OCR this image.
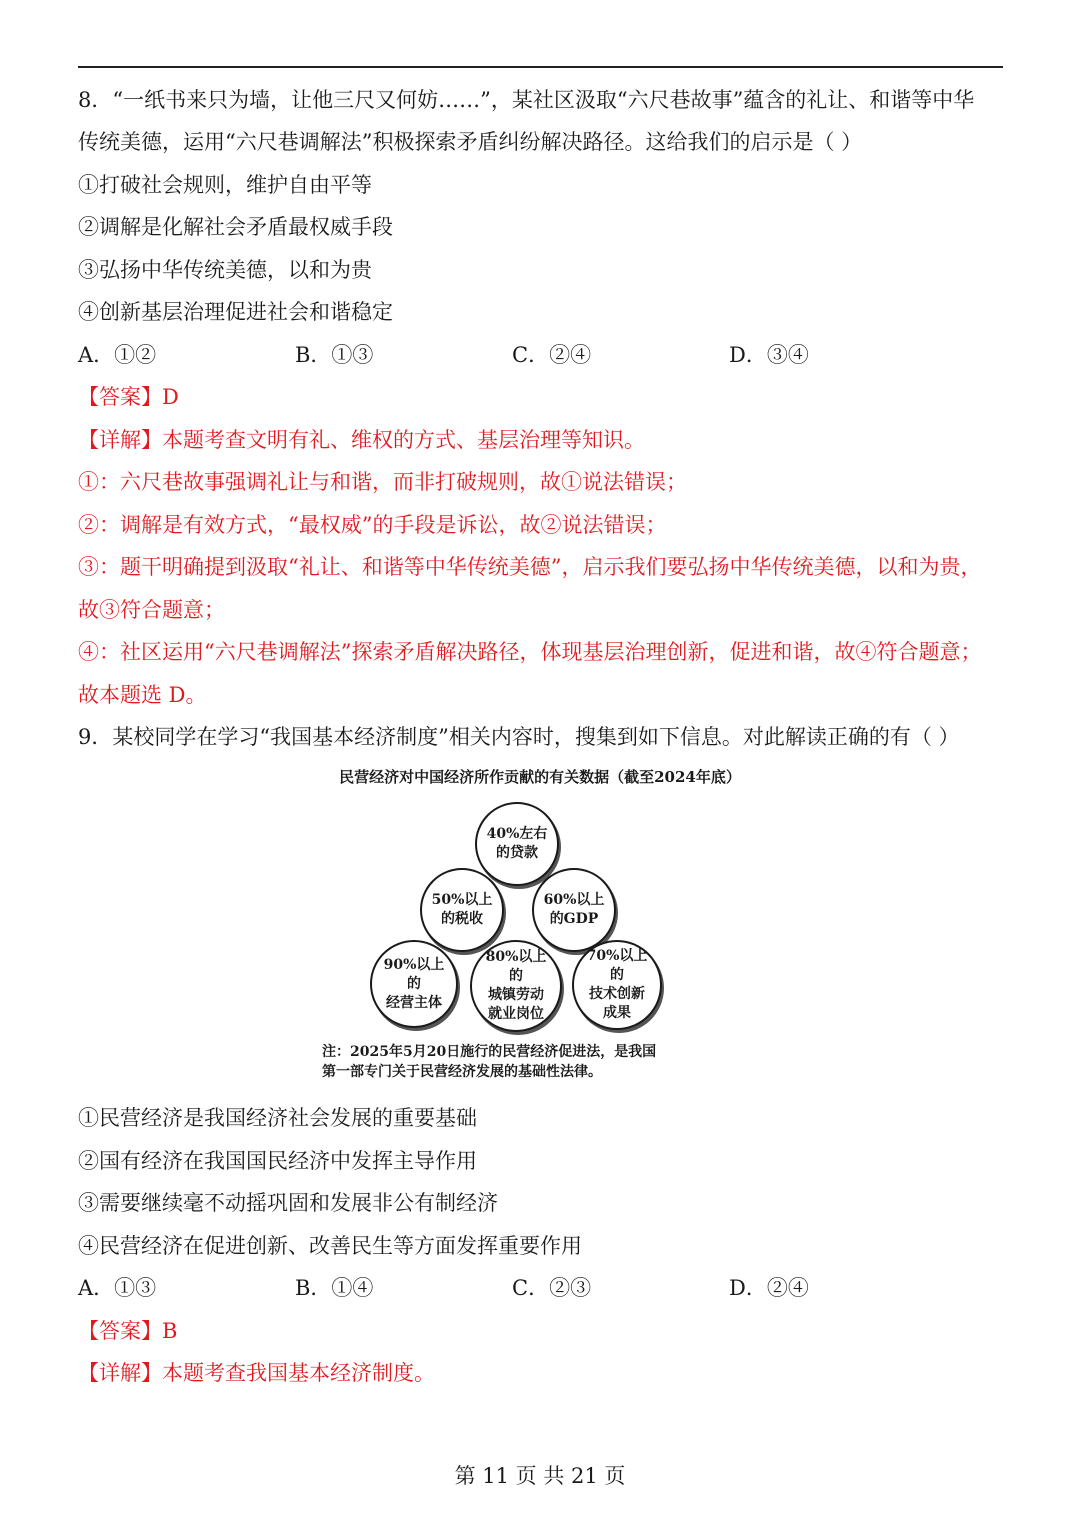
8．“一纸书来只为墙，让他三尺又何妨……”，某社区汲取“六尺巷故事”蕴含的礼让、和谐等中华
传统美德，运用“六尺巷调解法”积极探索矛盾纠纷解决路径。这给我们的启示是（ ）
①打破社会规则，维护自由平等
②调解是化解社会矛盾最权威手段
③弘扬中华传统美德，以和为贵
④创新基层治理促进社会和谐稳定
A．①②	B．①③	C．②④	D．③④
【答案】D
【详解】本题考查文明有礼、维权的方式、基层治理等知识。
①：六尺巷故事强调礼让与和谐，而非打破规则，故①说法错误；
②：调解是有效方式，“最权威”的手段是诉讼，故②说法错误；
③：题干明确提到汲取“礼让、和谐等中华传统美德”，启示我们要弘扬中华传统美德，以和为贵，
故③符合题意；
④：社区运用“六尺巷调解法”探索矛盾解决路径，体现基层治理创新，促进和谐，故④符合题意；
故本题选 D。
9．某校同学在学习“我国基本经济制度”相关内容时，搜集到如下信息。对此解读正确的有（ ）
民营经济对中国经济所作贡献的有关数据（截至2024年底）
40%左右
的贷款
50%以上
的税收
60%以上
的GDP
90%以上的
经营主体
80%以上的
城镇劳动
就业岗位
70%以上的
技术创新
成果
注：2025年5月20日施行的民营经济促进法，是我国
第一部专门关于民营经济发展的基础性法律。
①民营经济是我国经济社会发展的重要基础
②国有经济在我国国民经济中发挥主导作用
③需要继续毫不动摇巩固和发展非公有制经济
④民营经济在促进创新、改善民生等方面发挥重要作用
A．①③	B．①④	C．②③	D．②④
【答案】B
【详解】本题考查我国基本经济制度。
第 11 页 共 21 页
